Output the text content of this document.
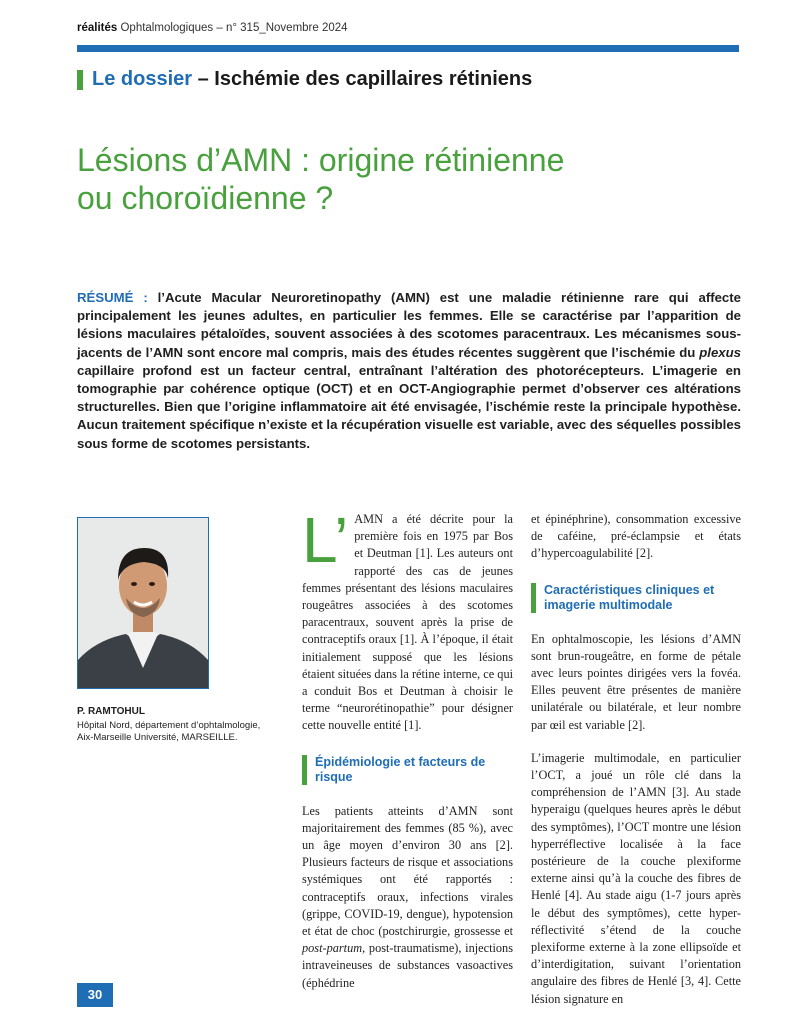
réalités Ophtalmologiques – n° 315_Novembre 2024
Le dossier – Ischémie des capillaires rétiniens
Lésions d’AMN : origine rétinienne
ou choroïdienne ?
RÉSUMÉ : l’Acute Macular Neuroretinopathy (AMN) est une maladie rétinienne rare qui affecte principalement les jeunes adultes, en particulier les femmes. Elle se caractérise par l’apparition de lésions maculaires pétaloïdes, souvent associées à des scotomes paracentraux. Les mécanismes sous-jacents de l’AMN sont encore mal compris, mais des études récentes suggèrent que l’ischémie du plexus capillaire profond est un facteur central, entraînant l’altération des photorécepteurs. L’imagerie en tomographie par cohérence optique (OCT) et en OCT-Angiographie permet d’observer ces altérations structurelles. Bien que l’origine inflammatoire ait été envisagée, l’ischémie reste la principale hypothèse. Aucun traitement spécifique n’existe et la récupération visuelle est variable, avec des séquelles possibles sous forme de scotomes persistants.
P. RAMTOHUL
Hôpital Nord, département d’ophtalmologie,
Aix-Marseille Université, MARSEILLE.

L’ AMN a été décrite pour la première fois en 1975 par Bos et Deutman [1]. Les auteurs ont rapporté des cas de jeunes femmes présentant des lésions maculaires rougeâtres associées à des scotomes paracentraux, souvent après la prise de contraceptifs oraux [1]. À l’époque, il était initialement supposé que les lésions étaient situées dans la rétine interne, ce qui a conduit Bos et Deutman à choisir le terme “neurorétinopathie” pour désigner cette nouvelle entité [1].

Épidémiologie et facteurs de risque

Les patients atteints d’AMN sont majoritairement des femmes (85 %), avec un âge moyen d’environ 30 ans [2]. Plusieurs facteurs de risque et associations systémiques ont été rapportés : contraceptifs oraux, infections virales (grippe, COVID-19, dengue), hypotension et état de choc (postchirurgie, grossesse et post-partum, post-traumatisme), injections intraveineuses de substances vasoactives (éphédrine

et épinéphrine), consommation excessive de caféine, pré-éclampsie et états d’hypercoagulabilité [2].

Caractéristiques cliniques et imagerie multimodale

En ophtalmoscopie, les lésions d’AMN sont brun-rougeâtre, en forme de pétale avec leurs pointes dirigées vers la fovéa. Elles peuvent être présentes de manière unilatérale ou bilatérale, et leur nombre par œil est variable [2].

L’imagerie multimodale, en particulier l’OCT, a joué un rôle clé dans la compréhension de l’AMN [3]. Au stade hyperaigu (quelques heures après le début des symptômes), l’OCT montre une lésion hyperréflective localisée à la face postérieure de la couche plexiforme externe ainsi qu’à la couche des fibres de Henlé [4]. Au stade aigu (1-7 jours après le début des symptômes), cette hyper-réflectivité s’étend de la couche plexiforme externe à la zone ellipsoïde et d’interdigitation, suivant l’orientation angulaire des fibres de Henlé [3, 4]. Cette lésion signature en

30
